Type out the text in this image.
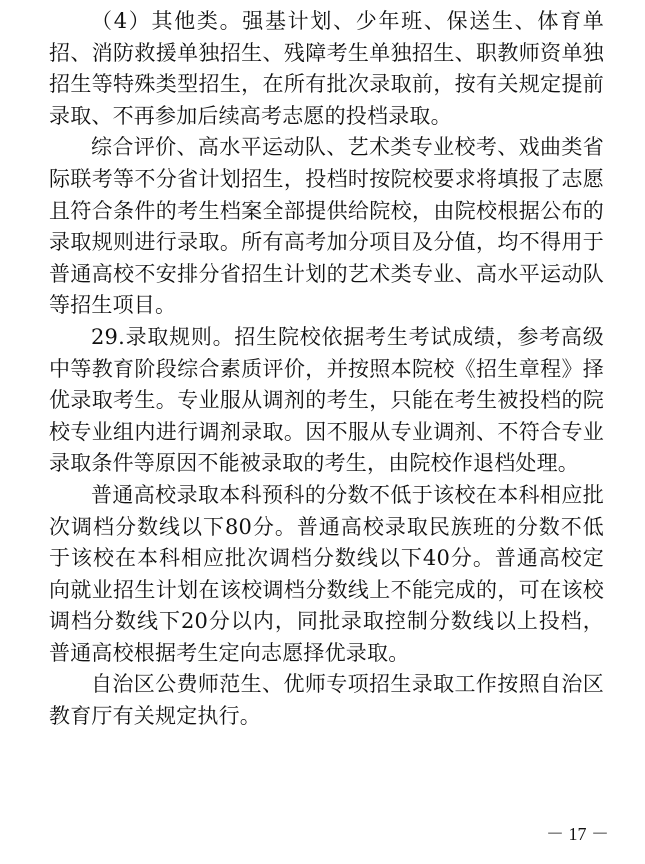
（4）其他类。强基计划、少年班、保送生、体育单招、消防救援单独招生、残障考生单独招生、职教师资单独招生等特殊类型招生，在所有批次录取前，按有关规定提前录取、不再参加后续高考志愿的投档录取。

综合评价、高水平运动队、艺术类专业校考、戏曲类省际联考等不分省计划招生，投档时按院校要求将填报了志愿且符合条件的考生档案全部提供给院校，由院校根据公布的录取规则进行录取。所有高考加分项目及分值，均不得用于普通高校不安排分省招生计划的艺术类专业、高水平运动队等招生项目。

29.录取规则。招生院校依据考生考试成绩，参考高级中等教育阶段综合素质评价，并按照本院校《招生章程》择优录取考生。专业服从调剂的考生，只能在考生被投档的院校专业组内进行调剂录取。因不服从专业调剂、不符合专业录取条件等原因不能被录取的考生，由院校作退档处理。

普通高校录取本科预科的分数不低于该校在本科相应批次调档分数线以下80分。普通高校录取民族班的分数不低于该校在本科相应批次调档分数线以下40分。普通高校定向就业招生计划在该校调档分数线上不能完成的，可在该校调档分数线下20分以内，同批录取控制分数线以上投档，普通高校根据考生定向志愿择优录取。

自治区公费师范生、优师专项招生录取工作按照自治区教育厅有关规定执行。

－ 17 －
